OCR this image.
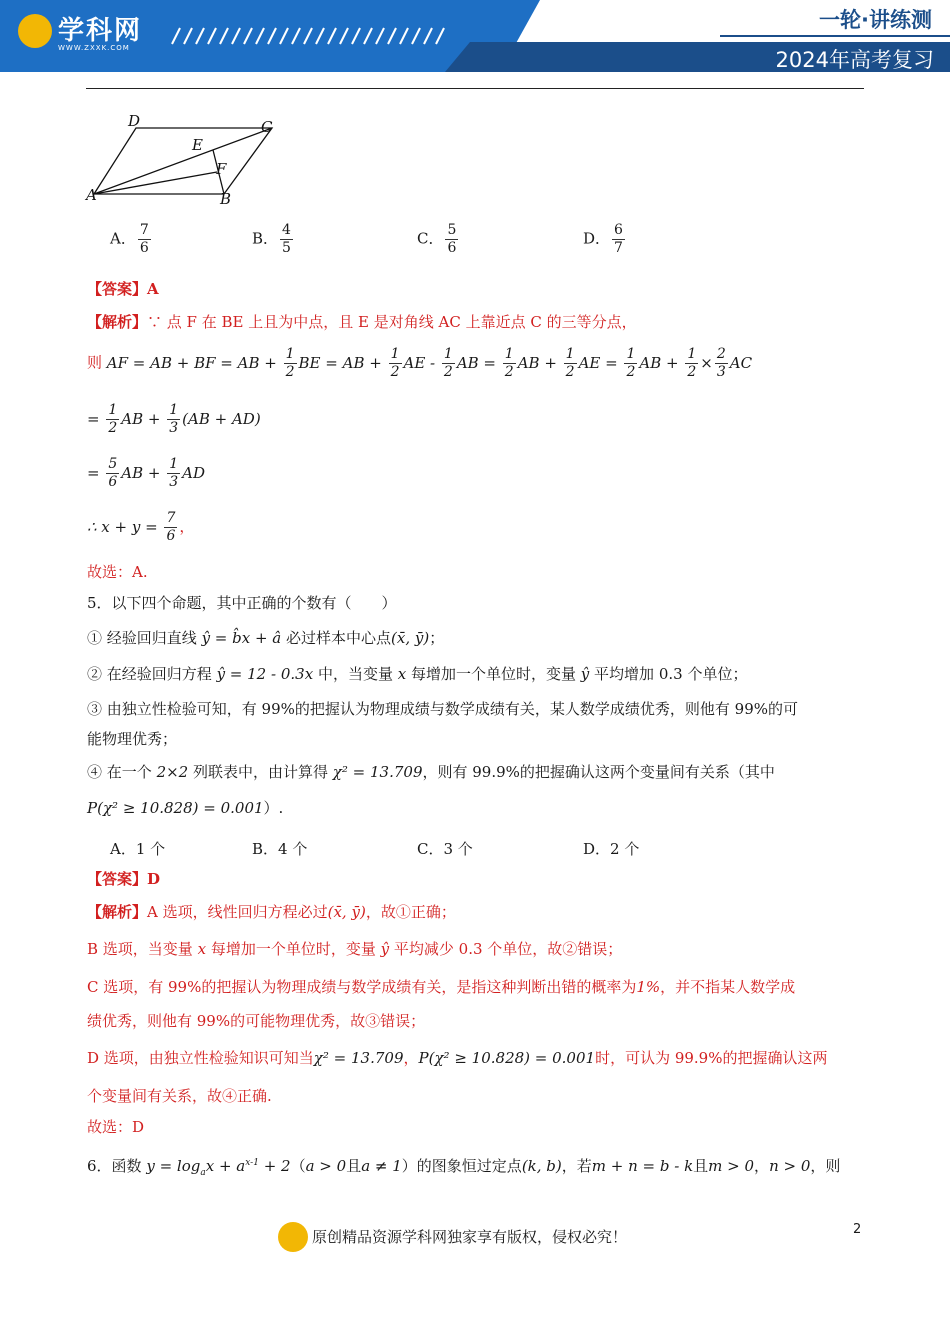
学科网
WWW.ZXXK.COM
一轮·讲练测
2024年高考复习
D	C
E
F
A	B
A． $\frac{7}{6}$	B． $\frac{4}{5}$	C． $\frac{5}{6}$	D． $\frac{6}{7}$
【答案】A
【解析】∵ 点 F 在 BE 上且为中点，且 E 是对角线 AC 上靠近点 C 的三等分点，
则 AF = AB + BF = AB + $\frac{1}{2}$ BE = AB + $\frac{1}{2}$ AE - $\frac{1}{2}$ AB = $\frac{1}{2}$ AB + $\frac{1}{2}$ AE = $\frac{1}{2}$ AB + $\frac{1}{2} \times \frac{2}{3}$ AC
= $\frac{1}{2}$ AB + $\frac{1}{3} (AB + AD)$
= $\frac{5}{6}$ AB + $\frac{1}{3}$ AD
∴ $x + y = \frac{7}{6}$ ，
故选：A.
5．以下四个命题，其中正确的个数有（　　）
① 经验回归直线 ŷ = b̂x + â 必过样本中心点(x̄, ȳ)；
② 在经验回归方程 ŷ = 12 - 0.3x 中，当变量 x 每增加一个单位时，变量 ŷ 平均增加 0.3 个单位；
③ 由独立性检验可知，有 99%的把握认为物理成绩与数学成绩有关，某人数学成绩优秀，则他有 99%的可
能物理优秀；
④ 在一个 2×2 列联表中，由计算得 χ² = 13.709，则有 99.9%的把握确认这两个变量间有关系（其中
P(χ² ≥ 10.828) = 0.001）.
A．1 个	B．4 个	C．3 个	D．2 个
【答案】D
【解析】A 选项，线性回归方程必过(x̄, ȳ)，故①正确；
B 选项，当变量 x 每增加一个单位时，变量 ŷ 平均减少 0.3 个单位，故②错误；
C 选项，有 99%的把握认为物理成绩与数学成绩有关，是指这种判断出错的概率为1%，并不指某人数学成
绩优秀，则他有 99%的可能物理优秀，故③错误；
D 选项，由独立性检验知识可知当χ² = 13.709，P(χ² ≥ 10.828) = 0.001时，可认为 99.9%的把握确认这两
个变量间有关系，故④正确.
故选：D
6．函数 $y = \log_ax + a^{x-1} + 2(a > 0$且a ≠ 1）的图象恒过定点(k, b)，若m + n = b - k且m > 0，n > 0，则
原创精品资源学科网独家享有版权，侵权必究！	2
